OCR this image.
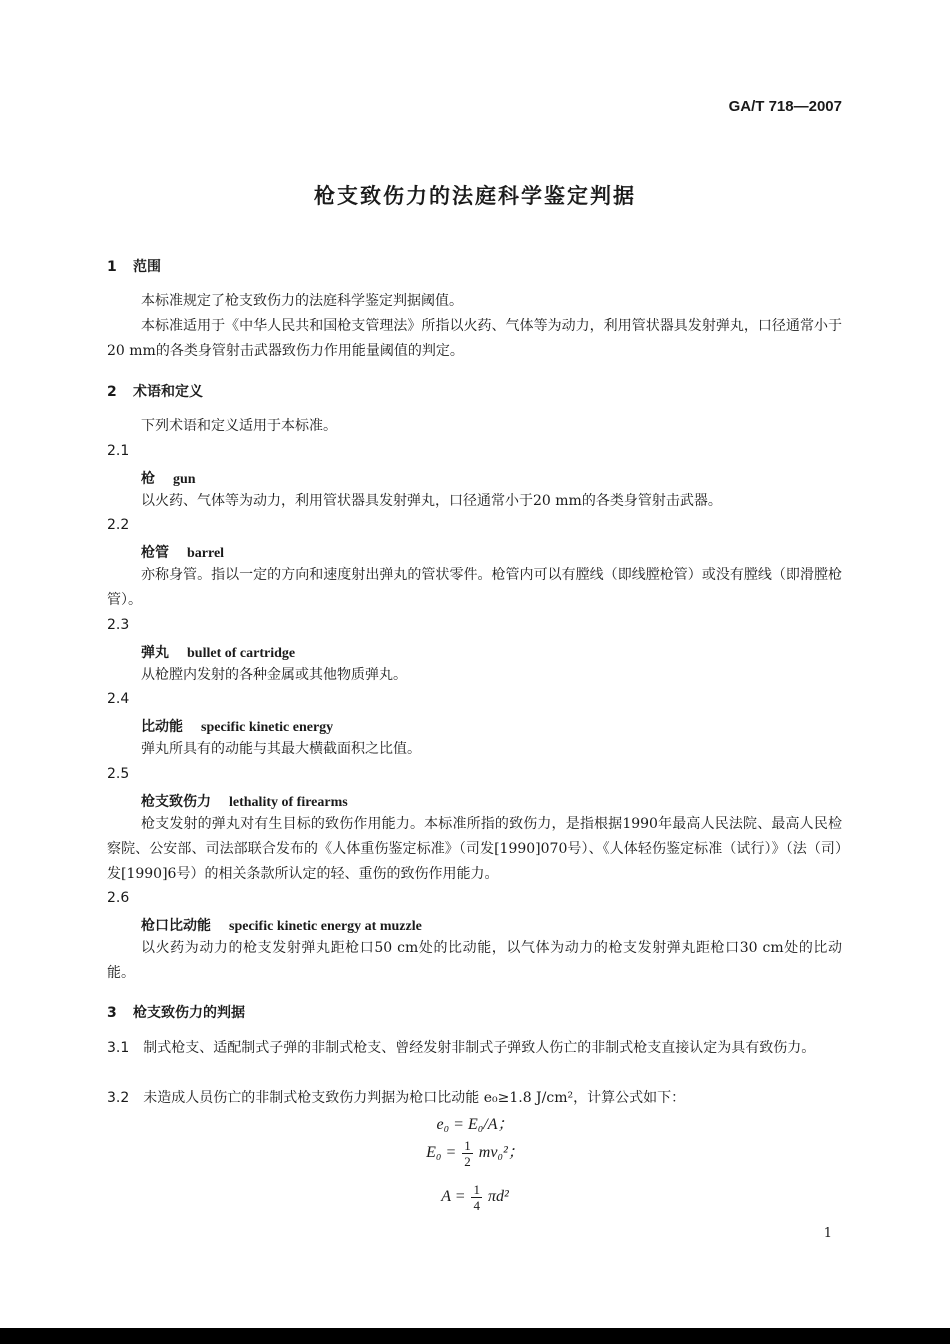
GA/T 718—2007
枪支致伤力的法庭科学鉴定判据
1 范围
本标准规定了枪支致伤力的法庭科学鉴定判据阈值。
本标准适用于《中华人民共和国枪支管理法》所指以火药、气体等为动力，利用管状器具发射弹丸，口径通常小于20 mm的各类身管射击武器致伤力作用能量阈值的判定。
2 术语和定义
下列术语和定义适用于本标准。
2.1
枪 gun
以火药、气体等为动力，利用管状器具发射弹丸，口径通常小于20 mm的各类身管射击武器。
2.2
枪管 barrel
亦称身管。指以一定的方向和速度射出弹丸的管状零件。枪管内可以有膛线（即线膛枪管）或没有膛线（即滑膛枪管）。
2.3
弹丸 bullet of cartridge
从枪膛内发射的各种金属或其他物质弹丸。
2.4
比动能 specific kinetic energy
弹丸所具有的动能与其最大横截面积之比值。
2.5
枪支致伤力 lethality of firearms
枪支发射的弹丸对有生目标的致伤作用能力。本标准所指的致伤力，是指根据1990年最高人民法院、最高人民检察院、公安部、司法部联合发布的《人体重伤鉴定标准》（司发[1990]070号）、《人体轻伤鉴定标准（试行）》（法（司）发[1990]6号）的相关条款所认定的轻、重伤的致伤作用能力。
2.6
枪口比动能 specific kinetic energy at muzzle
以火药为动力的枪支发射弹丸距枪口50 cm处的比动能，以气体为动力的枪支发射弹丸距枪口30 cm处的比动能。
3 枪支致伤力的判据
3.1 制式枪支、适配制式子弹的非制式枪支、曾经发射非制式子弹致人伤亡的非制式枪支直接认定为具有致伤力。
3.2 未造成人员伤亡的非制式枪支致伤力判据为枪口比动能 e₀≥1.8 J/cm²，计算公式如下：
e₀ = E₀/A；
$E_0 = \frac{1}{2} mv_0^2$；
$A = \frac{1}{4} \pi d^2$
1
